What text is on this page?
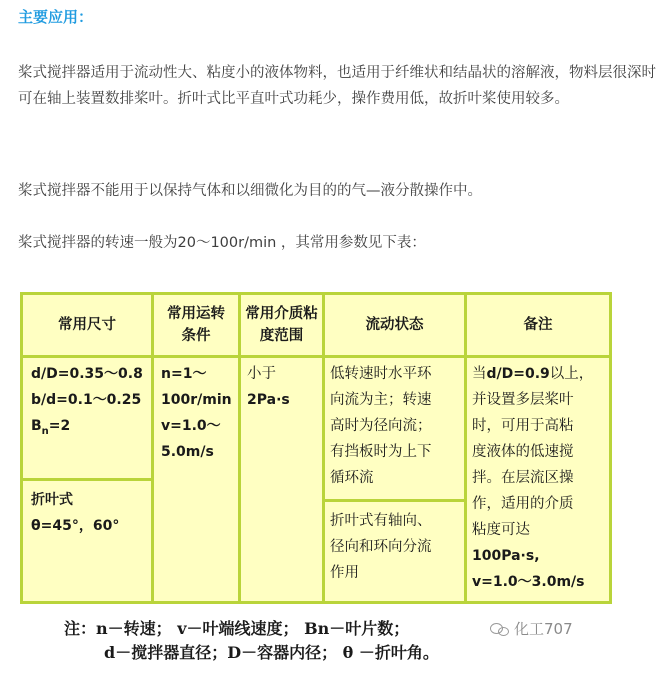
主要应用：
桨式搅拌器适用于流动性大、粘度小的液体物料，也适用于纤维状和结晶状的溶解液，物料层很深时可在轴上装置数排桨叶。折叶式比平直叶式功耗少，操作费用低，故折叶桨使用较多。
桨式搅拌器不能用于以保持气体和以细微化为目的的气—液分散操作中。
桨式搅拌器的转速一般为20～100r/min ，其常用参数见下表：
常用尺寸
常用运转条件
常用介质粘度范围
流动状态	备注
d/D=0.35～0.8
b/d=0.1～0.25
$B_n=2$
折叶式
θ=45°，60°
n=1～
100r/min
v=1.0～
5.0m/s
小于
2Pa·s
低转速时水平环
向流为主；转速
高时为径向流；
有挡板时为上下
循环流
折叶式有轴向、
径向和环向分流
作用
当d/D=0.9以上，
并设置多层桨叶
时，可用于高粘
度液体的低速搅
拌。在层流区操
作，适用的介质
粘度可达
100Pa·s,
v=1.0～3.0m/s
注：n－转速； v－叶端线速度； Bn－叶片数；
d－搅拌器直径；D－容器内径； θ －折叶角。
化工707
